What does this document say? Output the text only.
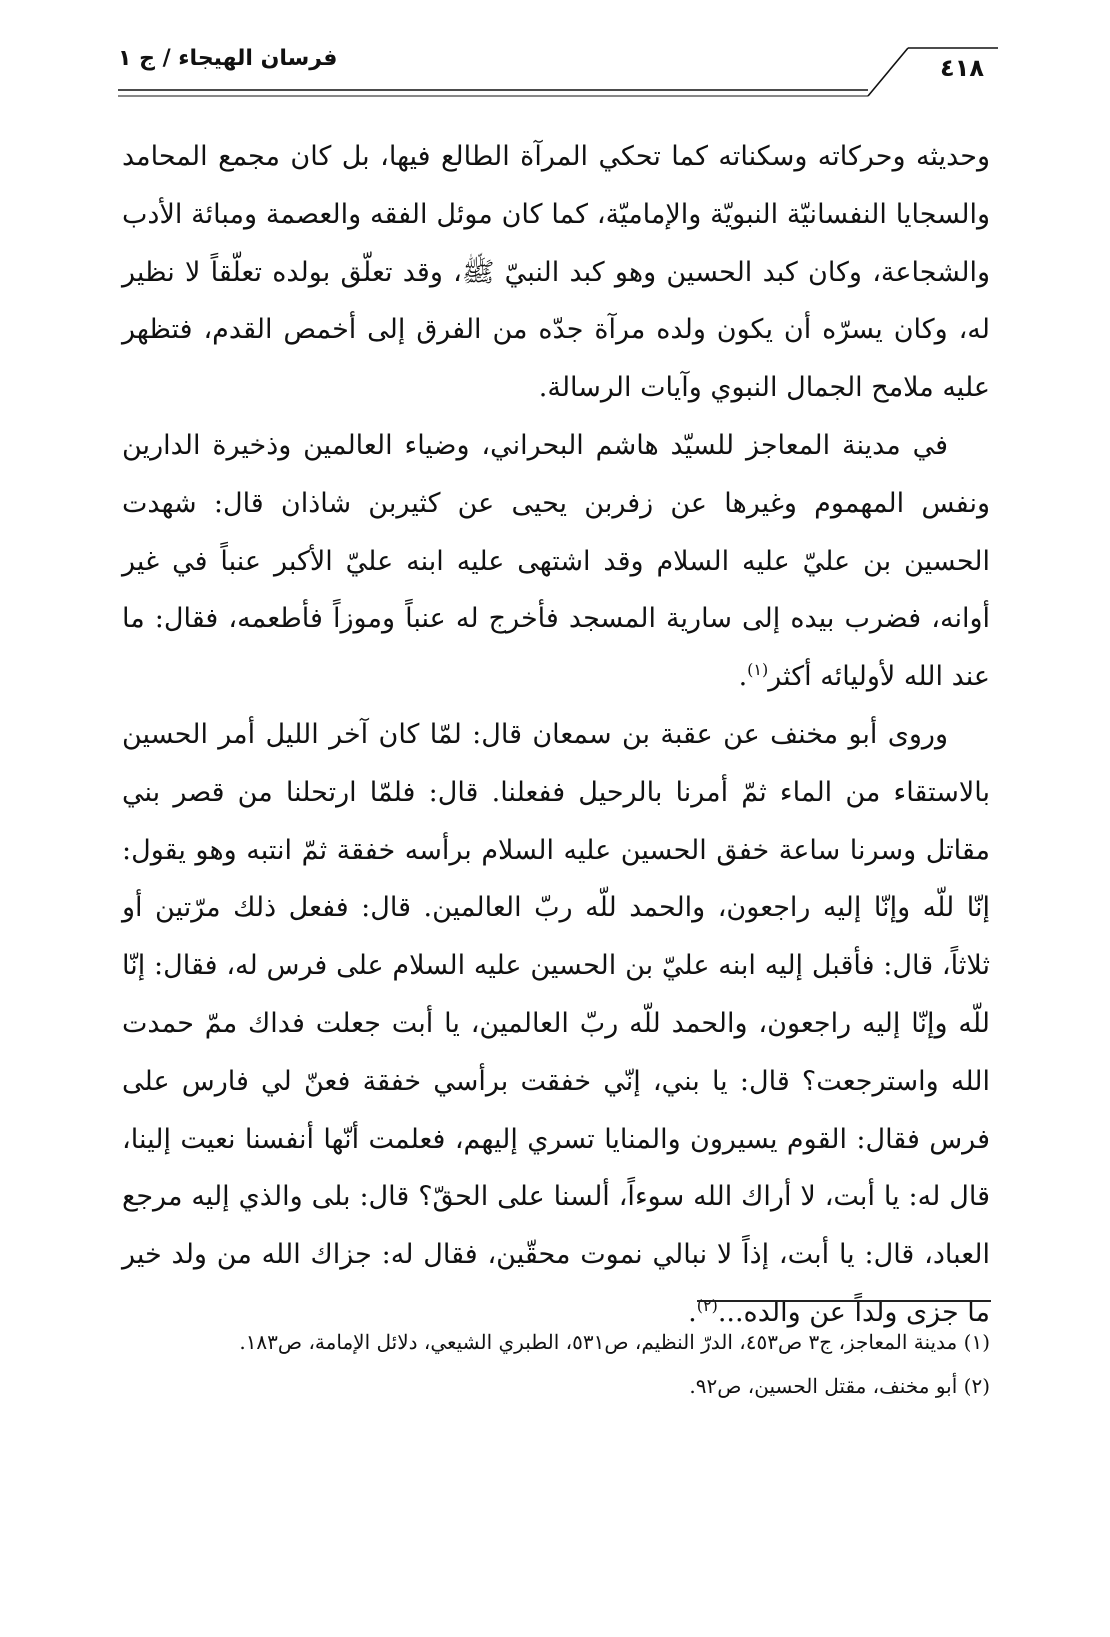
فرسان الهيجاء / ج ١	٤١٨

وحديثه وحركاته وسكناته كما تحكي المرآة الطالع فيها، بل كان مجمع المحامد والسجايا النفسانيّة النبويّة والإماميّة، كما كان موئل الفقه والعصمة ومبائة الأدب والشجاعة، وكان كبد الحسين وهو كبد النبيّ ﷺ، وقد تعلّق بولده تعلّقاً لا نظير له، وكان يسرّه أن يكون ولده مرآة جدّه من الفرق إلى أخمص القدم، فتظهر عليه ملامح الجمال النبوي وآيات الرسالة.

في مدينة المعاجز للسيّد هاشم البحراني، وضياء العالمين وذخيرة الدارين ونفس المهموم وغيرها عن زفربن يحيى عن كثيربن شاذان قال: شهدت الحسين بن عليّ عليه السلام وقد اشتهى عليه ابنه عليّ الأكبر عنباً في غير أوانه، فضرب بيده إلى سارية المسجد فأخرج له عنباً وموزاً فأطعمه، فقال: ما عند الله لأوليائه أكثر$^{(١)}$.

وروى أبو مخنف عن عقبة بن سمعان قال: لمّا كان آخر الليل أمر الحسين بالاستقاء من الماء ثمّ أمرنا بالرحيل ففعلنا. قال: فلمّا ارتحلنا من قصر بني مقاتل وسرنا ساعة خفق الحسين عليه السلام برأسه خفقة ثمّ انتبه وهو يقول: إنّا للّه وإنّا إليه راجعون، والحمد للّه ربّ العالمين. قال: ففعل ذلك مرّتين أو ثلاثاً، قال: فأقبل إليه ابنه عليّ بن الحسين عليه السلام على فرس له، فقال: إنّا للّه وإنّا إليه راجعون، والحمد للّه ربّ العالمين، يا أبت جعلت فداك ممّ حمدت الله واسترجعت؟ قال: يا بني، إنّي خفقت برأسي خفقة فعنّ لي فارس على فرس فقال: القوم يسيرون والمنايا تسري إليهم، فعلمت أنّها أنفسنا نعيت إلينا، قال له: يا أبت، لا أراك الله سوءاً، ألسنا على الحقّ؟ قال: بلى والذي إليه مرجع العباد، قال: يا أبت، إذاً لا نبالي نموت محقّين، فقال له: جزاك الله من ولد خير ما جزى ولداً عن والده...$^{(٢)}$.

(١) مدينة المعاجز، ج٣ ص٤٥٣، الدرّ النظيم، ص٥٣١، الطبري الشيعي، دلائل الإمامة، ص١٨٣.

(٢) أبو مخنف، مقتل الحسين، ص٩٢.
